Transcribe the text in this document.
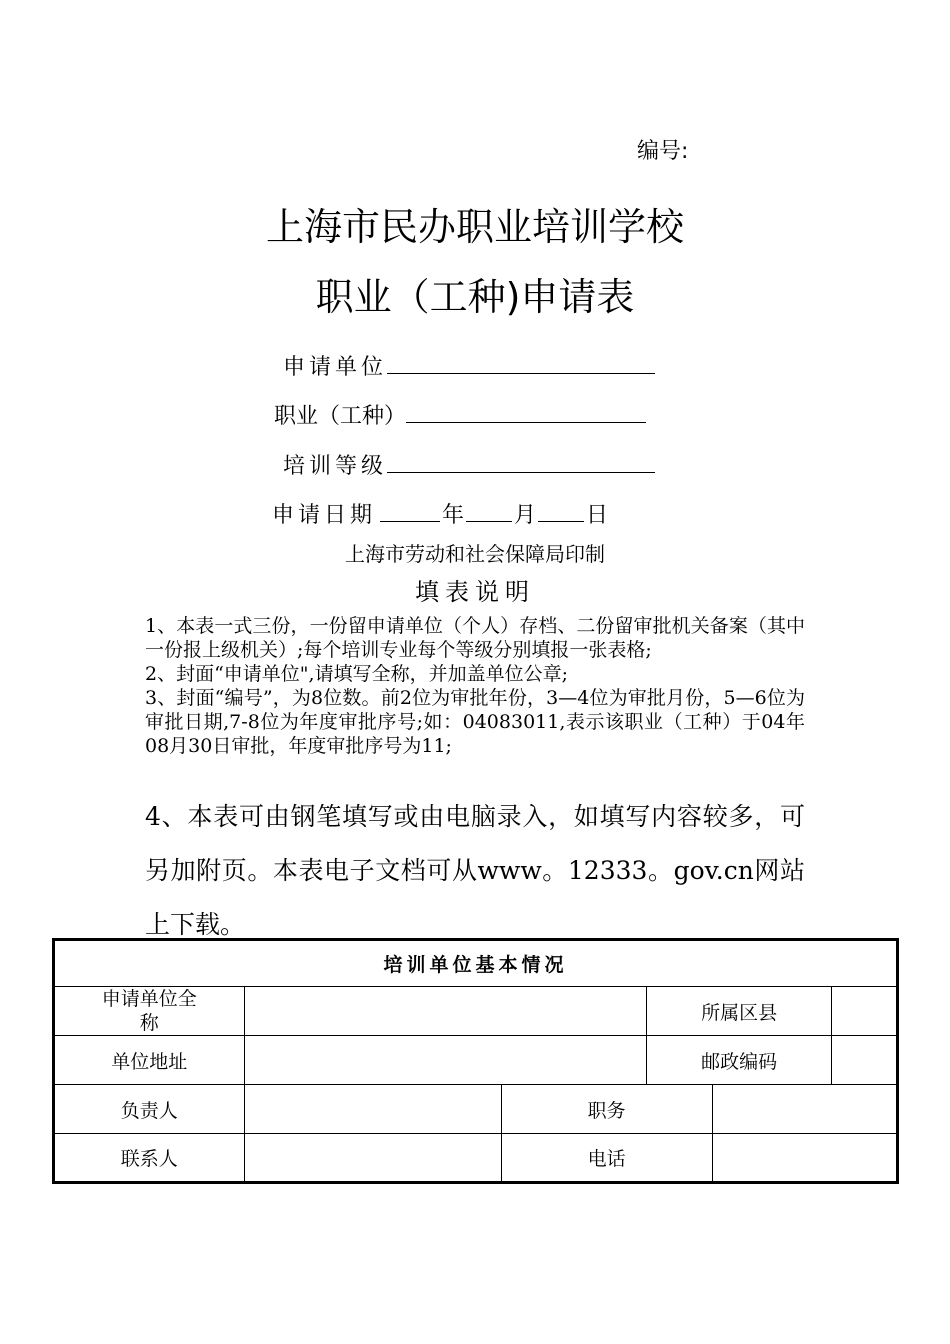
编号:
上海市民办职业培训学校
职业（工种)申请表
申请单位
职业（工种）
培训等级
申请日期	年 月 日
上海市劳动和社会保障局印制
填表说明

1、本表一式三份，一份留申请单位（个人）存档、二份留审批机关备案（其中一份报上级机关）;每个培训专业每个等级分别填报一张表格;

2、封面“申请单位",请填写全称，并加盖单位公章;

3、封面“编号”，为8位数。前2位为审批年份，3—4位为审批月份，5—6位为审批日期,7-8位为年度审批序号;如：04083011,表示该职业（工种）于04年08月30日审批，年度审批序号为11;

4、本表可由钢笔填写或由电脑录入，如填写内容较多，可另加附页。本表电子文档可从www。12333。gov.cn网站上下载。
培训单位基本情况					

申请单位全称			所属区县		
单位地址			邮政编码		
负责人		职务			
联系人		电话			
